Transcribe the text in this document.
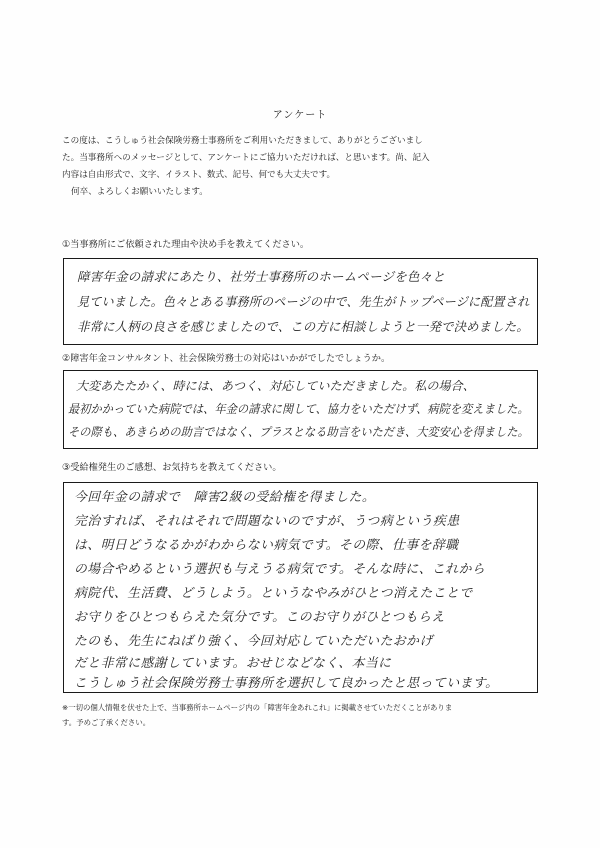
アンケート

この度は、こうしゅう社会保険労務士事務所をご利用いただきまして、ありがとうございまし

た。当事務所へのメッセージとして、アンケートにご協力いただければ、と思います。尚、記入

内容は自由形式で、文字、イラスト、数式、記号、何でも大丈夫です。

何卒、よろしくお願いいたします。

①当事務所にご依頼された理由や決め手を教えてください。
障害年金の請求にあたり、社労士事務所のホームページを色々と
見ていました。色々とある事務所のページの中で、先生がトップページに配置され
非常に人柄の良さを感じましたので、この方に相談しようと一発で決めました。
②障害年金コンサルタント、社会保険労務士の対応はいかがでしたでしょうか。
大変あたたかく、時には、あつく、対応していただきました。私の場合、
最初かかっていた病院では、年金の請求に関して、協力をいただけず、病院を変えました。
その際も、あきらめの助言ではなく、プラスとなる助言をいただき、大変安心を得ました。
③受給権発生のご感想、お気持ちを教えてください。
今回年金の請求で　障害2級の受給権を得ました。
完治すれば、それはそれで問題ないのですが、うつ病という疾患
は、明日どうなるかがわからない病気です。その際、仕事を辞職
の場合やめるという選択も与えうる病気です。そんな時に、これから
病院代、生活費、どうしよう。というなやみがひとつ消えたことで
お守りをひとつもらえた気分です。このお守りがひとつもらえ
たのも、先生にねばり強く、今回対応していただいたおかげ
だと非常に感謝しています。おせじなどなく、本当に
こうしゅう社会保険労務士事務所を選択して良かったと思っています。

※一切の個人情報を伏せた上で、当事務所ホームページ内の「障害年金あれこれ」に掲載させていただくことがありま

す。予めご了承ください。
